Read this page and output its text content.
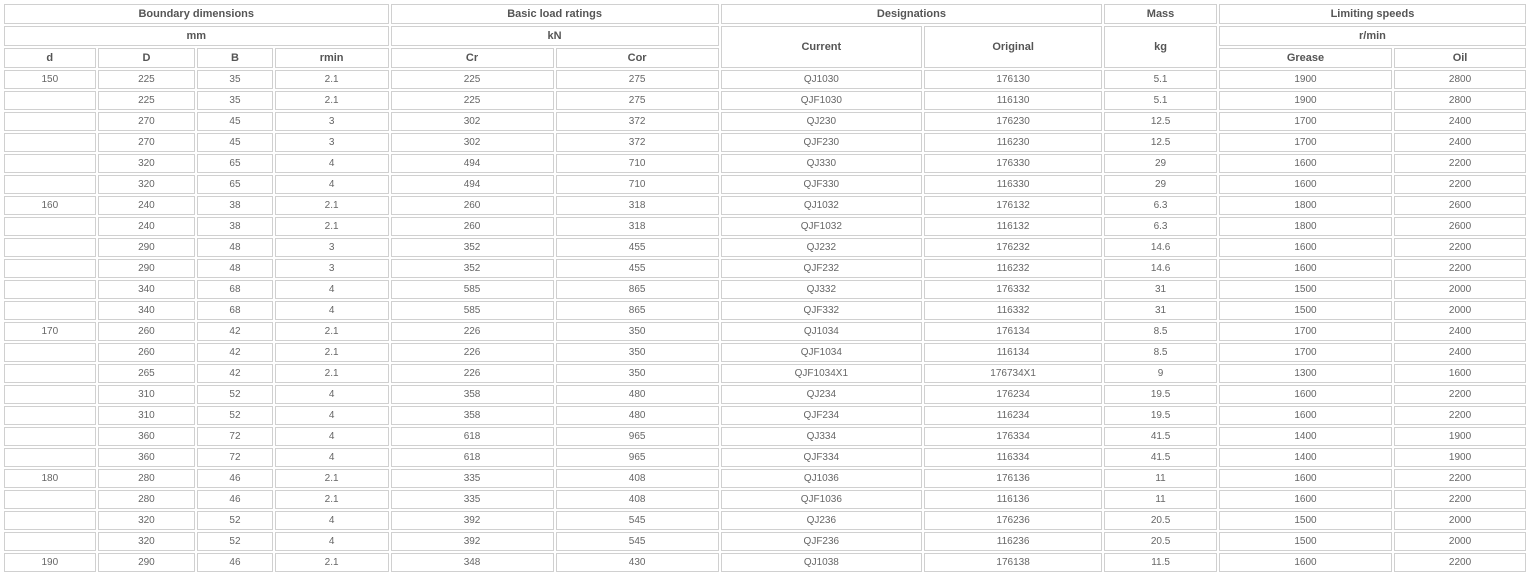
Boundary dimensions				Basic load ratings		Designations		Mass	Limiting speeds	
mm				kN		Current	Original	kg	r/min	
d	D	B	rmin	Cr	Cor				Grease	Oil
150	225	35	2.1	225	275	QJ1030	176130	5.1	1900	2800
	225	35	2.1	225	275	QJF1030	116130	5.1	1900	2800
	270	45	3	302	372	QJ230	176230	12.5	1700	2400
	270	45	3	302	372	QJF230	116230	12.5	1700	2400
	320	65	4	494	710	QJ330	176330	29	1600	2200
	320	65	4	494	710	QJF330	116330	29	1600	2200
160	240	38	2.1	260	318	QJ1032	176132	6.3	1800	2600
	240	38	2.1	260	318	QJF1032	116132	6.3	1800	2600
	290	48	3	352	455	QJ232	176232	14.6	1600	2200
	290	48	3	352	455	QJF232	116232	14.6	1600	2200
	340	68	4	585	865	QJ332	176332	31	1500	2000
	340	68	4	585	865	QJF332	116332	31	1500	2000
170	260	42	2.1	226	350	QJ1034	176134	8.5	1700	2400
	260	42	2.1	226	350	QJF1034	116134	8.5	1700	2400
	265	42	2.1	226	350	QJF1034X1	176734X1	9	1300	1600
	310	52	4	358	480	QJ234	176234	19.5	1600	2200
	310	52	4	358	480	QJF234	116234	19.5	1600	2200
	360	72	4	618	965	QJ334	176334	41.5	1400	1900
	360	72	4	618	965	QJF334	116334	41.5	1400	1900
180	280	46	2.1	335	408	QJ1036	176136	11	1600	2200
	280	46	2.1	335	408	QJF1036	116136	11	1600	2200
	320	52	4	392	545	QJ236	176236	20.5	1500	2000
	320	52	4	392	545	QJF236	116236	20.5	1500	2000
190	290	46	2.1	348	430	QJ1038	176138	11.5	1600	2200
